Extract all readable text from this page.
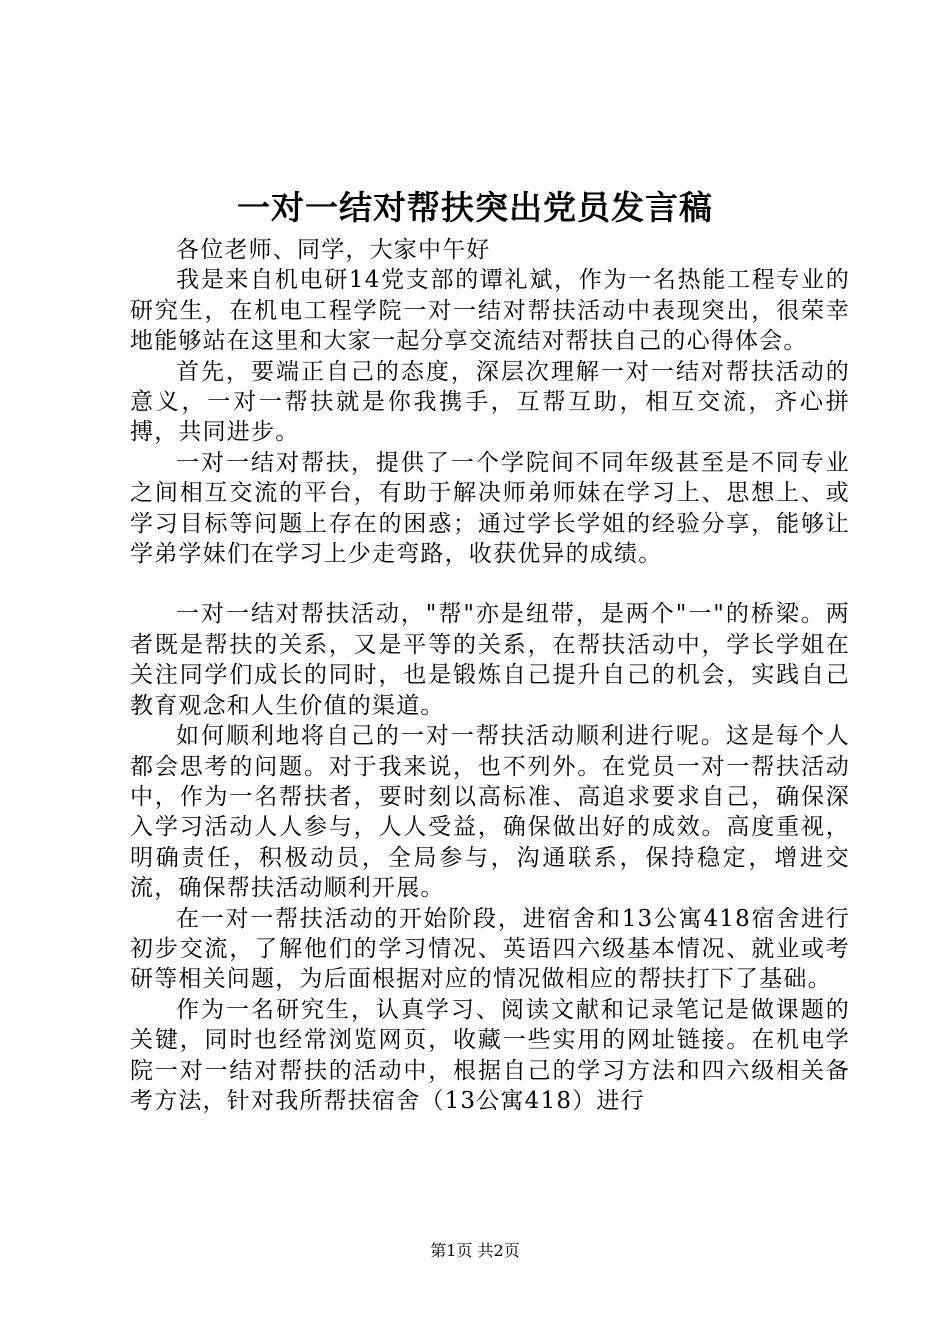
一对一结对帮扶突出党员发言稿

各位老师、同学，大家中午好

我是来自机电研14党支部的谭礼斌，作为一名热能工程专业的研究生，在机电工程学院一对一结对帮扶活动中表现突出，很荣幸地能够站在这里和大家一起分享交流结对帮扶自己的心得体会。

首先，要端正自己的态度，深层次理解一对一结对帮扶活动的意义，一对一帮扶就是你我携手，互帮互助，相互交流，齐心拼搏，共同进步。

一对一结对帮扶，提供了一个学院间不同年级甚至是不同专业之间相互交流的平台，有助于解决师弟师妹在学习上、思想上、或学习目标等问题上存在的困惑；通过学长学姐的经验分享，能够让学弟学妹们在学习上少走弯路，收获优异的成绩。

一对一结对帮扶活动，"帮"亦是纽带，是两个"一"的桥梁。两者既是帮扶的关系，又是平等的关系，在帮扶活动中，学长学姐在关注同学们成长的同时，也是锻炼自己提升自己的机会，实践自己教育观念和人生价值的渠道。

如何顺利地将自己的一对一帮扶活动顺利进行呢。这是每个人都会思考的问题。对于我来说，也不列外。在党员一对一帮扶活动中，作为一名帮扶者，要时刻以高标准、高追求要求自己，确保深入学习活动人人参与，人人受益，确保做出好的成效。高度重视，明确责任，积极动员，全局参与，沟通联系，保持稳定，增进交流，确保帮扶活动顺利开展。

在一对一帮扶活动的开始阶段，进宿舍和13公寓418宿舍进行初步交流，了解他们的学习情况、英语四六级基本情况、就业或考研等相关问题，为后面根据对应的情况做相应的帮扶打下了基础。

作为一名研究生，认真学习、阅读文献和记录笔记是做课题的关键，同时也经常浏览网页，收藏一些实用的网址链接。在机电学院一对一结对帮扶的活动中，根据自己的学习方法和四六级相关备考方法，针对我所帮扶宿舍（13公寓418）进行

第1页 共2页
